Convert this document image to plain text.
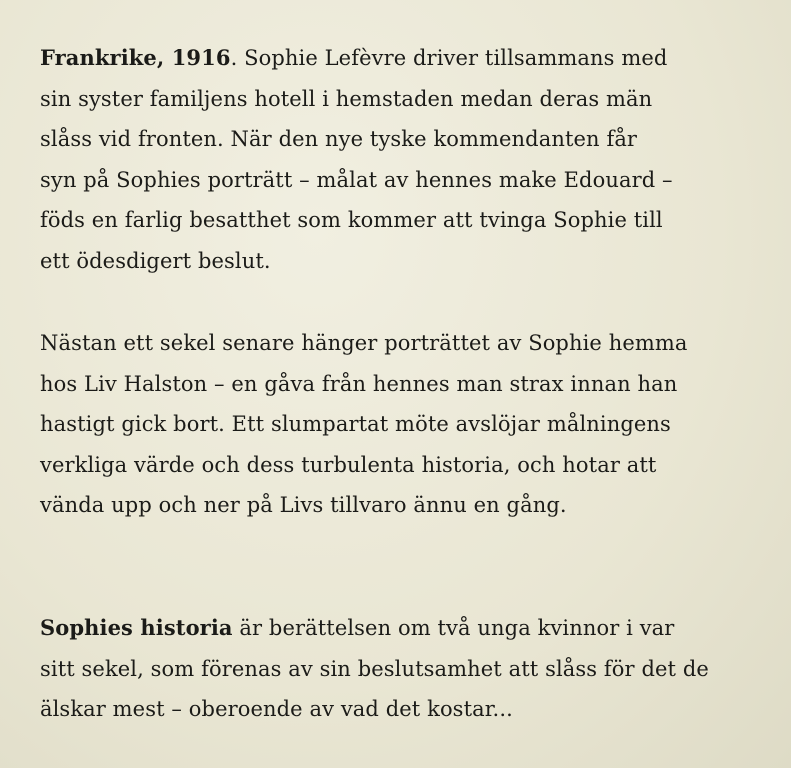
Frankrike, 1916. Sophie Lefèvre driver tillsammans med
sin syster familjens hotell i hemstaden medan deras män
slåss vid fronten. När den nye tyske kommendanten får
syn på Sophies porträtt – målat av hennes make Edouard –
föds en farlig besatthet som kommer att tvinga Sophie till
ett ödesdigert beslut.

Nästan ett sekel senare hänger porträttet av Sophie hemma
hos Liv Halston – en gåva från hennes man strax innan han
hastigt gick bort. Ett slumpartat möte avslöjar målningens
verkliga värde och dess turbulenta historia, och hotar att
vända upp och ner på Livs tillvaro ännu en gång.

Sophies historia är berättelsen om två unga kvinnor i var
sitt sekel, som förenas av sin beslutsamhet att slåss för det de
älskar mest – oberoende av vad det kostar...
